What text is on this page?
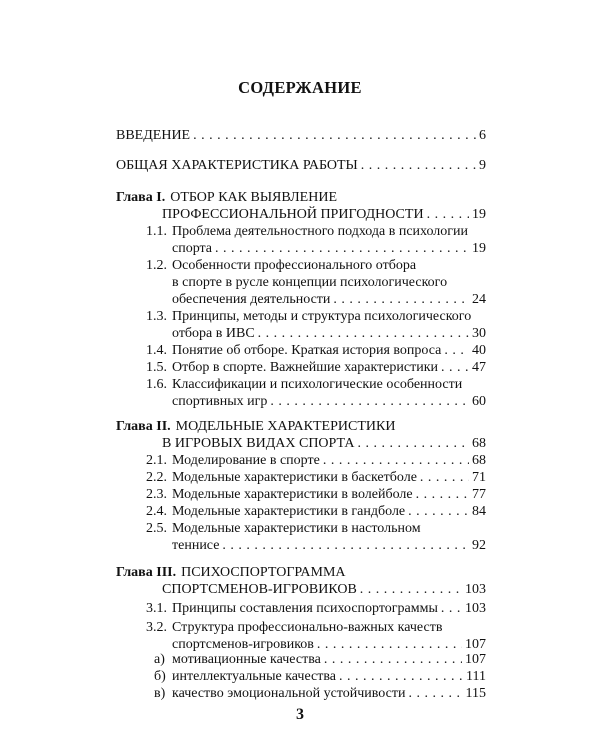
СОДЕРЖАНИЕ
ВВЕДЕНИЕ . . .	6
ОБЩАЯ ХАРАКТЕРИСТИКА РАБОТЫ . . .	9
Глава I. ОТБОР КАК ВЫЯВЛЕНИЕ
ПРОФЕССИОНАЛЬНОЙ ПРИГОДНОСТИ . . .	19
1.1. Проблема деятельностного подхода в психологии
спорта . . .	19
1.2. Особенности профессионального отбора
в спорте в русле концепции психологического
обеспечения деятельности . . .	24
1.3. Принципы, методы и структура психологического
отбора в ИВС . . .	30
1.4. Понятие об отборе. Краткая история вопроса . . . 40
1.5. Отбор в спорте. Важнейшие характеристики . . . 47
1.6. Классификации и психологические особенности
спортивных игр . . .	60
Глава II. МОДЕЛЬНЫЕ ХАРАКТЕРИСТИКИ
В ИГРОВЫХ ВИДАХ СПОРТА . . .	68
2.1. Моделирование в спорте . . .	68
2.2. Модельные характеристики в баскетболе . . .	71
2.3. Модельные характеристики в волейболе . . .	77
2.4. Модельные характеристики в гандболе . . .	84
2.5. Модельные характеристики в настольном
теннисе . . .	92
Глава III. ПСИХОСПОРТОГРАММА
СПОРТСМЕНОВ-ИГРОВИКОВ . . .	103
3.1. Принципы составления психоспортограммы . . . 103
3.2. Структура профессионально-важных качеств
спортсменов-игровиков . . .	107
а) мотивационные качества . . .	107
б) интеллектуальные качества . . .	111
в) качество эмоциональной устойчивости . . .	115
3
